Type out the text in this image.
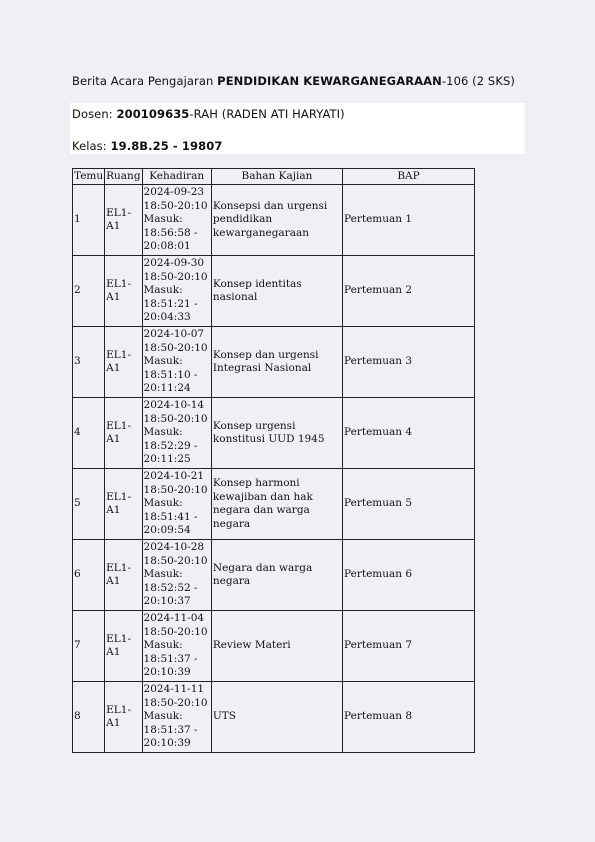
Berita Acara Pengajaran PENDIDIKAN KEWARGANEGARAAN-106 (2 SKS)
Dosen: 200109635-RAH (RADEN ATI HARYATI)
Kelas: 19.8B.25 - 19807
Temu	Ruang	Kehadiran	Bahan Kajian	BAP
1	EL1-A1	2024-09-23
18:50-20:10
Masuk:
18:56:58 -
20:08:01	Konsepsi dan urgensi pendidikan kewarganegaraan	Pertemuan 1
2	EL1-A1	2024-09-30
18:50-20:10
Masuk:
18:51:21 -
20:04:33	Konsep identitas nasional	Pertemuan 2
3	EL1-A1	2024-10-07
18:50-20:10
Masuk:
18:51:10 -
20:11:24	Konsep dan urgensi Integrasi Nasional	Pertemuan 3
4	EL1-A1	2024-10-14
18:50-20:10
Masuk:
18:52:29 -
20:11:25	Konsep urgensi konstitusi UUD 1945	Pertemuan 4
5	EL1-A1	2024-10-21
18:50-20:10
Masuk:
18:51:41 -
20:09:54	Konsep harmoni kewajiban dan hak negara dan warga negara	Pertemuan 5
6	EL1-A1	2024-10-28
18:50-20:10
Masuk:
18:52:52 -
20:10:37	Negara dan warga negara	Pertemuan 6
7	EL1-A1	2024-11-04
18:50-20:10
Masuk:
18:51:37 -
20:10:39	Review Materi	Pertemuan 7
8	EL1-A1	2024-11-11
18:50-20:10
Masuk:
18:51:37 -
20:10:39	UTS	Pertemuan 8
